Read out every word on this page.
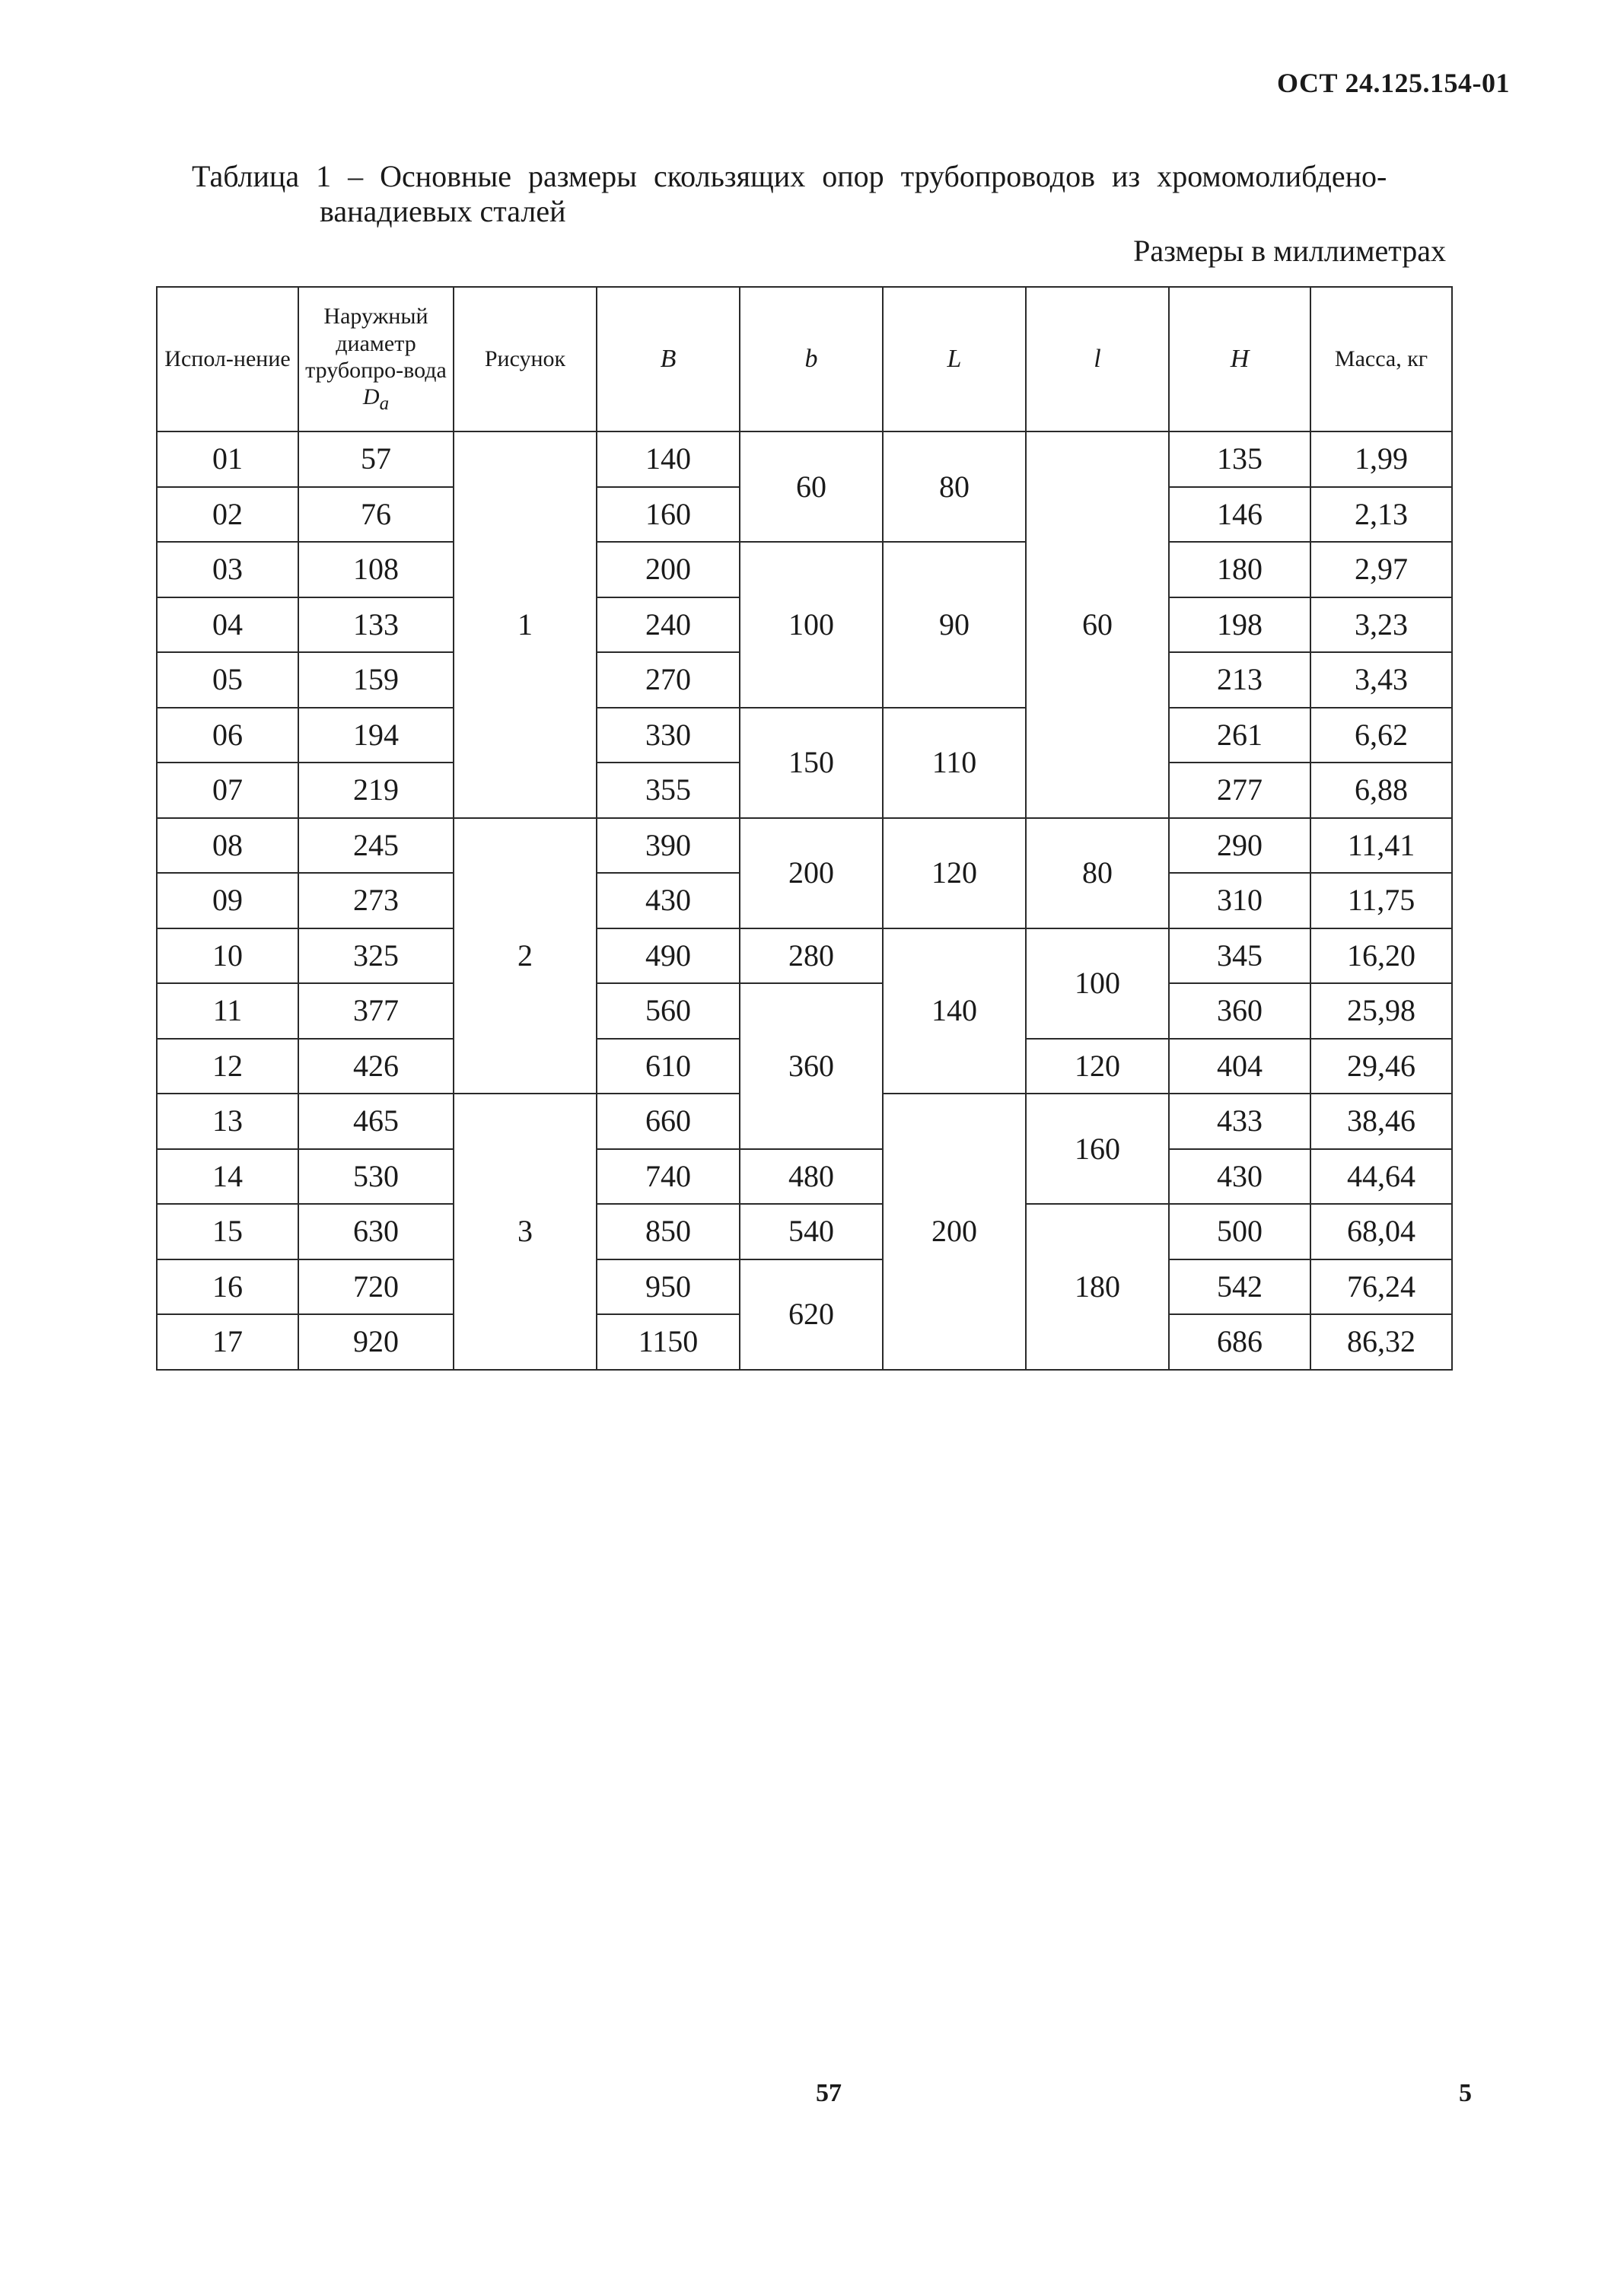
ОСТ 24.125.154-01
Таблица 1 – Основные размеры скользящих опор трубопроводов из хромомолибдено-
ванадиевых сталей
Размеры в миллиметрах
Испол-нение	Наружный диаметр трубопро-вода $D_a$	Рисунок	B	b	L	l	H	Масса, кг
01	57	1	140	60	80	60	135	1,99
02	76		160				146	2,13
03	108		200	100	90		180	2,97
04	133		240				198	3,23
05	159		270				213	3,43
06	194		330	150	110		261	6,62
07	219		355				277	6,88
08	245	2	390	200	120	80	290	11,41
09	273		430				310	11,75
10	325		490	280	140	100	345	16,20
11	377		560	360			360	25,98
12	426		610			120	404	29,46
13	465	3	660		200	160	433	38,46
14	530		740	480			430	44,64
15	630		850	540		180	500	68,04
16	720		950	620			542	76,24
17	920		1150				686	86,32
57	5
